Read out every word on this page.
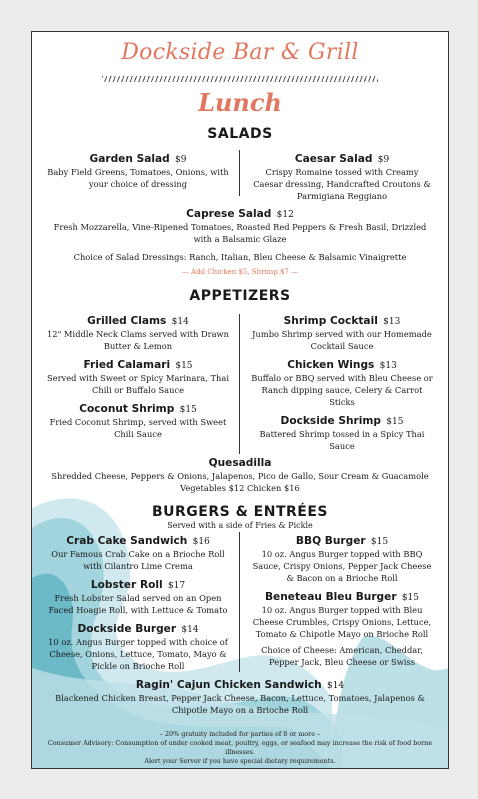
Dockside Bar & Grill
Lunch
SALADS
Garden Salad $9
Baby Field Greens, Tomatoes, Onions, with your choice of dressing
Caesar Salad $9
Crispy Romaine tossed with Creamy Caesar dressing, Handcrafted Croutons & Parmigiana Reggiano
Caprese Salad $12
Fresh Mozzarella, Vine-Ripened Tomatoes, Roasted Red Peppers & Fresh Basil, Drizzled with a Balsamic Glaze
Choice of Salad Dressings: Ranch, Italian, Bleu Cheese & Balsamic Vinaigrette
— Add Chicken $5, Shrimp $7 —
APPETIZERS
Grilled Clams $14
12" Middle Neck Clams served with Drawn Butter & Lemon
Shrimp Cocktail $13
Jumbo Shrimp served with our Homemade Cocktail Sauce
Fried Calamari $15
Served with Sweet or Spicy Marinara, Thai Chili or Buffalo Sauce
Chicken Wings $13
Buffalo or BBQ served with Bleu Cheese or Ranch dipping sauce, Celery & Carrot Sticks
Coconut Shrimp $15
Fried Coconut Shrimp, served with Sweet Chili Sauce
Dockside Shrimp $15
Battered Shrimp tossed in a Spicy Thai Sauce
Quesadilla
Shredded Cheese, Peppers & Onions, Jalapenos, Pico de Gallo, Sour Cream & Guacamole
Vegetables $12 Chicken $16
BURGERS & ENTRÉES
Served with a side of Fries & Pickle
Crab Cake Sandwich $16
Our Famous Crab Cake on a Brioche Roll with Cilantro Lime Crema
BBQ Burger $15
10 oz. Angus Burger topped with BBQ Sauce, Crispy Onions, Pepper Jack Cheese & Bacon on a Brioche Roll
Lobster Roll $17
Fresh Lobster Salad served on an Open Faced Hoagie Roll, with Lettuce & Tomato
Beneteau Bleu Burger $15
10 oz. Angus Burger topped with Bleu Cheese Crumbles, Crispy Onions, Lettuce, Tomato & Chipotle Mayo on Brioche Roll
Dockside Burger $14
10 oz. Angus Burger topped with choice of Cheese, Onions, Lettuce, Tomato, Mayo & Pickle on Brioche Roll
Choice of Cheese: American, Cheddar, Pepper Jack, Bleu Cheese or Swiss
Ragin' Cajun Chicken Sandwich $14
Blackened Chicken Breast, Pepper Jack Cheese, Bacon, Lettuce, Tomatoes, Jalapenos & Chipotle Mayo on a Brioche Roll
– 20% gratuity included for parties of 8 or more –
Consumer Advisory: Consumption of under cooked meat, poultry, eggs, or seafood may increase the risk of food borne illnesses.
Alert your Server if you have special dietary requirements.
